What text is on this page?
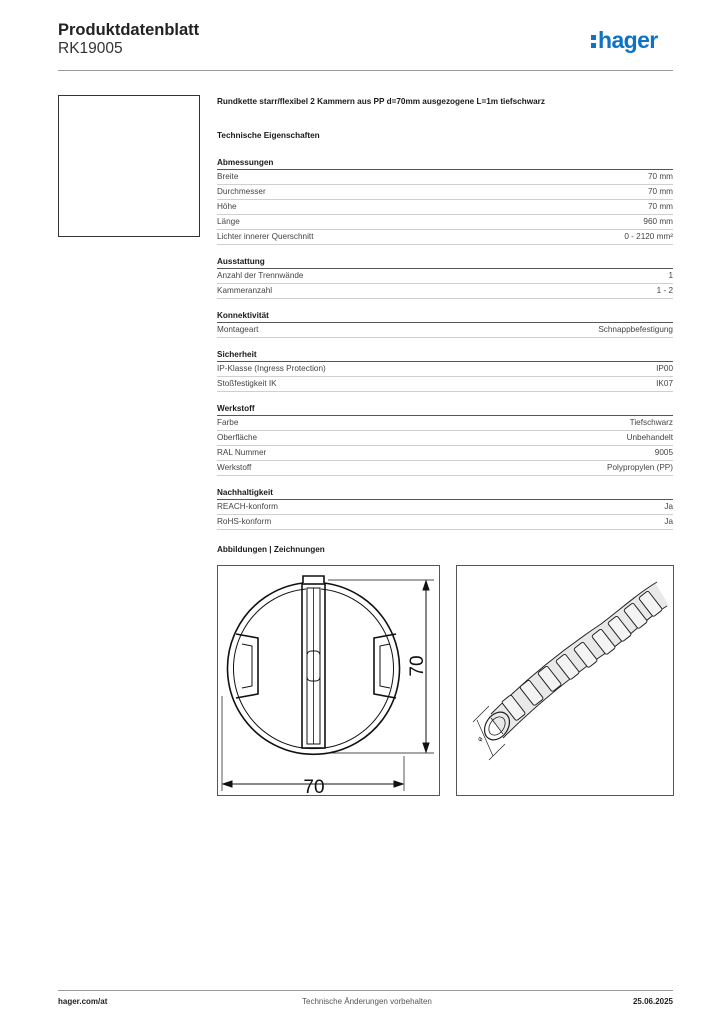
Produktdatenblatt
RK19005	hager
Rundkette starr/flexibel 2 Kammern aus PP d=70mm ausgezogene L=1m tiefschwarz
Technische Eigenschaften
Abmessungen
Breite	70 mm
Durchmesser	70 mm
Höhe	70 mm
Länge	960 mm
Lichter innerer Querschnitt	0 - 2120 mm²
Ausstattung
Anzahl der Trennwände	1
Kammeranzahl	1 - 2
Konnektivität
Montageart	Schnappbefestigung
Sicherheit
IP-Klasse (Ingress Protection)	IP00
Stoßfestigkeit IK	IK07
Werkstoff
Farbe	Tiefschwarz
Oberfläche	Unbehandelt
RAL Nummer	9005
Werkstoff	Polypropylen (PP)
Nachhaltigkeit
REACH-konform	Ja
RoHS-konform	Ja
Abbildungen | Zeichnungen
70
70
ø
hager.com/at	Technische Änderungen vorbehalten	25.06.2025
